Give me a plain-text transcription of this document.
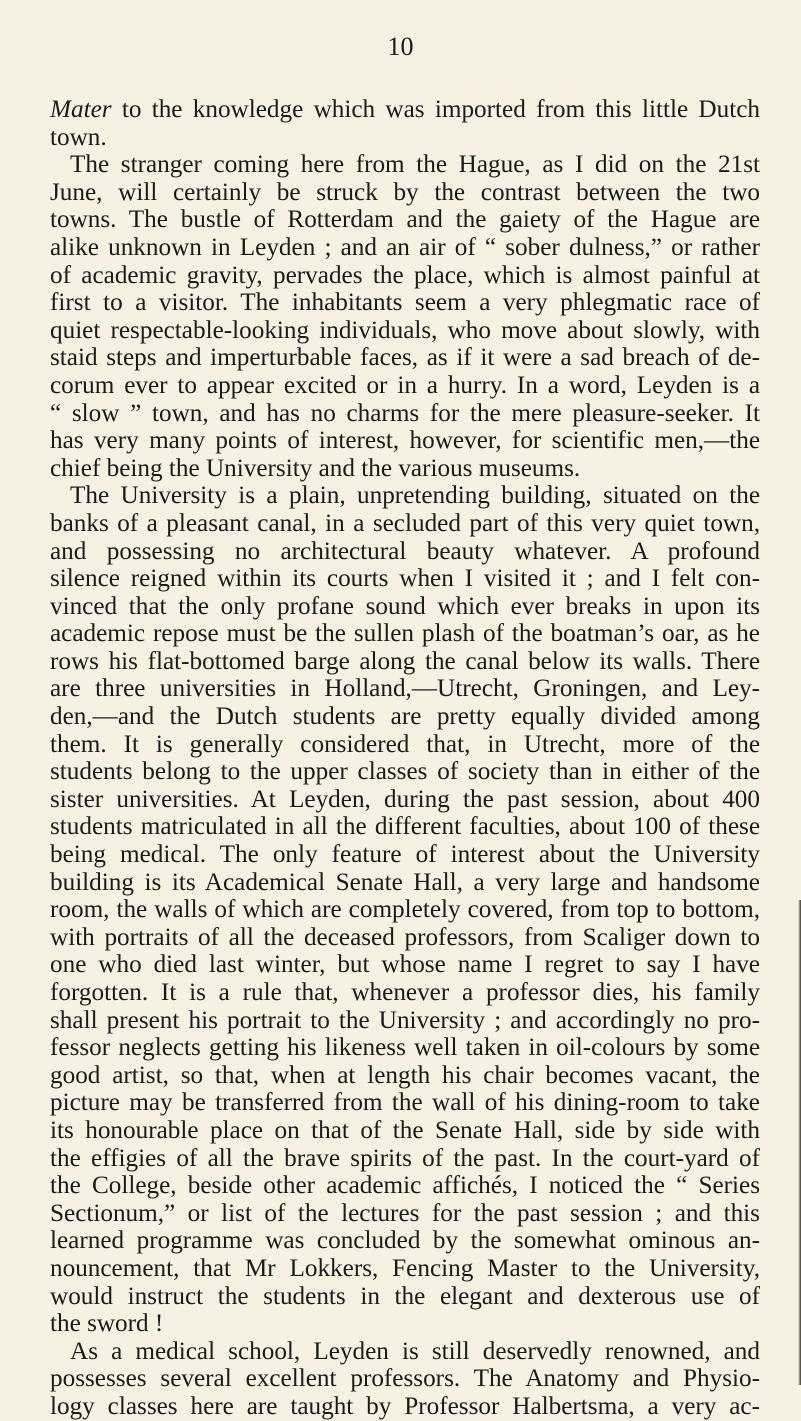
10
Mater to the knowledge which was imported from this little Dutch
town.
The stranger coming here from the Hague, as I did on the 21st
June, will certainly be struck by the contrast between the two
towns. The bustle of Rotterdam and the gaiety of the Hague are
alike unknown in Leyden ; and an air of “ sober dulness,” or rather
of academic gravity, pervades the place, which is almost painful at
first to a visitor. The inhabitants seem a very phlegmatic race of
quiet respectable-looking individuals, who move about slowly, with
staid steps and imperturbable faces, as if it were a sad breach of de-
corum ever to appear excited or in a hurry. In a word, Leyden is a
“ slow ” town, and has no charms for the mere pleasure-seeker. It
has very many points of interest, however, for scientific men,—the
chief being the University and the various museums.
The University is a plain, unpretending building, situated on the
banks of a pleasant canal, in a secluded part of this very quiet town,
and possessing no architectural beauty whatever. A profound
silence reigned within its courts when I visited it ; and I felt con-
vinced that the only profane sound which ever breaks in upon its
academic repose must be the sullen plash of the boatman’s oar, as he
rows his flat-bottomed barge along the canal below its walls. There
are three universities in Holland,—Utrecht, Groningen, and Ley-
den,—and the Dutch students are pretty equally divided among
them. It is generally considered that, in Utrecht, more of the
students belong to the upper classes of society than in either of the
sister universities. At Leyden, during the past session, about 400
students matriculated in all the different faculties, about 100 of these
being medical. The only feature of interest about the University
building is its Academical Senate Hall, a very large and handsome
room, the walls of which are completely covered, from top to bottom,
with portraits of all the deceased professors, from Scaliger down to
one who died last winter, but whose name I regret to say I have
forgotten. It is a rule that, whenever a professor dies, his family
shall present his portrait to the University ; and accordingly no pro-
fessor neglects getting his likeness well taken in oil-colours by some
good artist, so that, when at length his chair becomes vacant, the
picture may be transferred from the wall of his dining-room to take
its honourable place on that of the Senate Hall, side by side with
the effigies of all the brave spirits of the past. In the court-yard of
the College, beside other academic affichés, I noticed the “ Series
Sectionum,” or list of the lectures for the past session ; and this
learned programme was concluded by the somewhat ominous an-
nouncement, that Mr Lokkers, Fencing Master to the University,
would instruct the students in the elegant and dexterous use of
the sword !
As a medical school, Leyden is still deservedly renowned, and
possesses several excellent professors. The Anatomy and Physio-
logy classes here are taught by Professor Halbertsma, a very ac-
